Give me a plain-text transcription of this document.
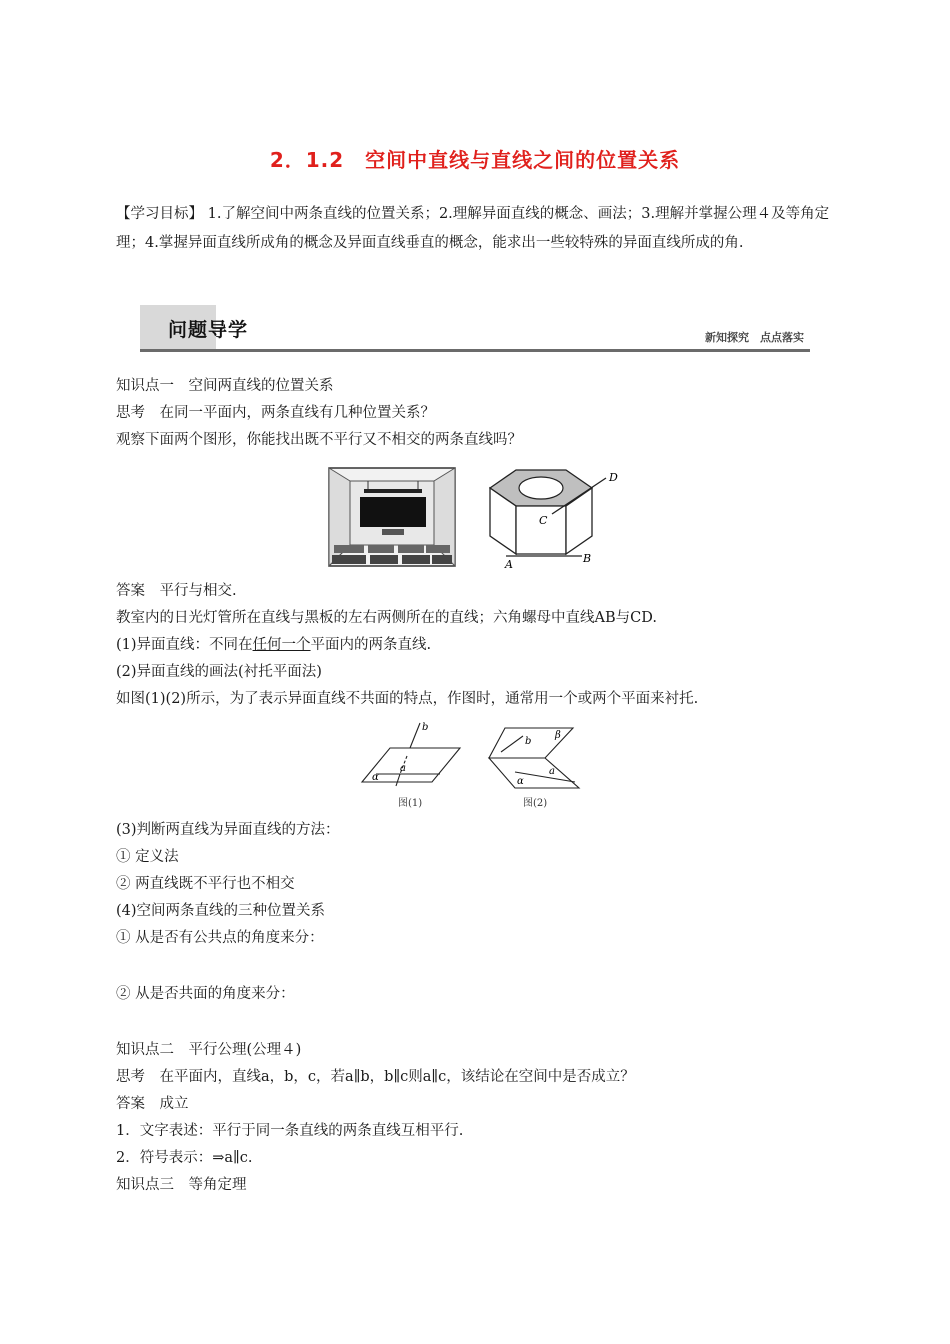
2．1.2　空间中直线与直线之间的位置关系
【学习目标】 1.了解空间中两条直线的位置关系；2.理解异面直线的概念、画法；3.理解并掌握公理４及等角定理；4.掌握异面直线所成角的概念及异面直线垂直的概念，能求出一些较特殊的异面直线所成的角.
问题导学	新知探究　点点落实
知识点一　空间两直线的位置关系
思考　在同一平面内，两条直线有几种位置关系？
观察下面两个图形，你能找出既不平行又不相交的两条直线吗？
A	B
C
D
答案　平行与相交.
教室内的日光灯管所在直线与黑板的左右两侧所在的直线；六角螺母中直线AB与CD.
(1)异面直线：不同在任何一个平面内的两条直线.
(2)异面直线的画法(衬托平面法)
如图(1)(2)所示，为了表示异面直线不共面的特点，作图时，通常用一个或两个平面来衬托.
b
a
α
图(1)
b
β
a
α
图(2)
(3)判断两直线为异面直线的方法：
① 定义法
② 两直线既不平行也不相交
(4)空间两条直线的三种位置关系
① 从是否有公共点的角度来分：
② 从是否共面的角度来分：
知识点二　平行公理(公理４)
思考　在平面内，直线a，b，c，若a∥b，b∥c则a∥c，该结论在空间中是否成立？
答案　成立
1．文字表述：平行于同一条直线的两条直线互相平行.
2．符号表示：⇒a∥c.
知识点三　等角定理
